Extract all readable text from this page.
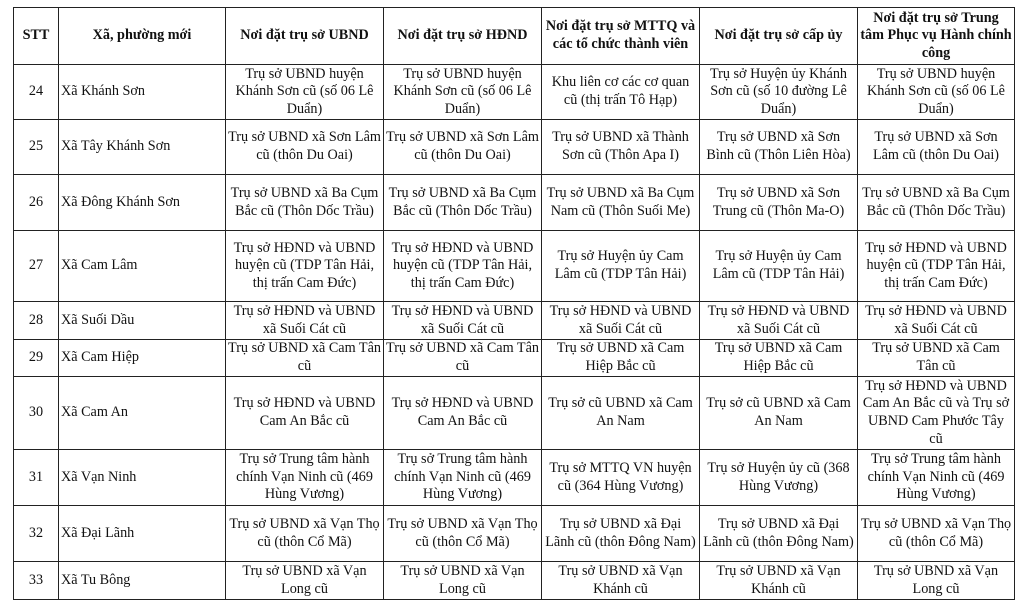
STT	Xã, phường mới	Nơi đặt trụ sở UBND	Nơi đặt trụ sở HĐND	Nơi đặt trụ sở MTTQ và các tổ chức thành viên	Nơi đặt trụ sở cấp ủy	Nơi đặt trụ sở Trung tâm Phục vụ Hành chính công
24	Xã Khánh Sơn	Trụ sở UBND huyện Khánh Sơn cũ (số 06 Lê Duẩn)	Trụ sở UBND huyện Khánh Sơn cũ (số 06 Lê Duẩn)	Khu liên cơ các cơ quan cũ (thị trấn Tô Hạp)	Trụ sở Huyện ủy Khánh Sơn cũ (số 10 đường Lê Duẩn)	Trụ sở UBND huyện Khánh Sơn cũ (số 06 Lê Duẩn)
25	Xã Tây Khánh Sơn	Trụ sở UBND xã Sơn Lâm cũ (thôn Du Oai)	Trụ sở UBND xã Sơn Lâm cũ (thôn Du Oai)	Trụ sở UBND xã Thành Sơn cũ (Thôn Apa I)	Trụ sở UBND xã Sơn Bình cũ (Thôn Liên Hòa)	Trụ sở UBND xã Sơn Lâm cũ (thôn Du Oai)
26	Xã Đông Khánh Sơn	Trụ sở UBND xã Ba Cụm Bắc cũ (Thôn Dốc Trầu)	Trụ sở UBND xã Ba Cụm Bắc cũ (Thôn Dốc Trầu)	Trụ sở UBND xã Ba Cụm Nam cũ (Thôn Suối Me)	Trụ sở UBND xã Sơn Trung cũ (Thôn Ma-O)	Trụ sở UBND xã Ba Cụm Bắc cũ (Thôn Dốc Trầu)
27	Xã Cam Lâm	Trụ sở HĐND và UBND huyện cũ (TDP Tân Hải, thị trấn Cam Đức)	Trụ sở HĐND và UBND huyện cũ (TDP Tân Hải, thị trấn Cam Đức)	Trụ sở Huyện ủy Cam Lâm cũ (TDP Tân Hải)	Trụ sở Huyện ủy Cam Lâm cũ (TDP Tân Hải)	Trụ sở HĐND và UBND huyện cũ (TDP Tân Hải, thị trấn Cam Đức)
28	Xã Suối Dầu	Trụ sở HĐND và UBND xã Suối Cát cũ	Trụ sở HĐND và UBND xã Suối Cát cũ	Trụ sở HĐND và UBND xã Suối Cát cũ	Trụ sở HĐND và UBND xã Suối Cát cũ	Trụ sở HĐND và UBND xã Suối Cát cũ
29	Xã Cam Hiệp	Trụ sở UBND xã Cam Tân cũ	Trụ sở UBND xã Cam Tân cũ	Trụ sở UBND xã Cam Hiệp Bắc cũ	Trụ sở UBND xã Cam Hiệp Bắc cũ	Trụ sở UBND xã Cam Tân cũ
30	Xã Cam An	Trụ sở HĐND và UBND Cam An Bắc cũ	Trụ sở HĐND và UBND Cam An Bắc cũ	Trụ sở cũ UBND xã Cam An Nam	Trụ sở cũ UBND xã Cam An Nam	Trụ sở HĐND và UBND Cam An Bắc cũ và Trụ sở UBND Cam Phước Tây cũ
31	Xã Vạn Ninh	Trụ sở Trung tâm hành chính Vạn Ninh cũ (469 Hùng Vương)	Trụ sở Trung tâm hành chính Vạn Ninh cũ (469 Hùng Vương)	Trụ sở MTTQ VN huyện cũ (364 Hùng Vương)	Trụ sở Huyện ủy cũ (368 Hùng Vương)	Trụ sở Trung tâm hành chính Vạn Ninh cũ (469 Hùng Vương)
32	Xã Đại Lãnh	Trụ sở UBND xã Vạn Thọ cũ (thôn Cổ Mã)	Trụ sở UBND xã Vạn Thọ cũ (thôn Cổ Mã)	Trụ sở UBND xã Đại Lãnh cũ (thôn Đông Nam)	Trụ sở UBND xã Đại Lãnh cũ (thôn Đông Nam)	Trụ sở UBND xã Vạn Thọ cũ (thôn Cổ Mã)
33	Xã Tu Bông	Trụ sở UBND xã Vạn Long cũ	Trụ sở UBND xã Vạn Long cũ	Trụ sở UBND xã Vạn Khánh cũ	Trụ sở UBND xã Vạn Khánh cũ	Trụ sở UBND xã Vạn Long cũ
